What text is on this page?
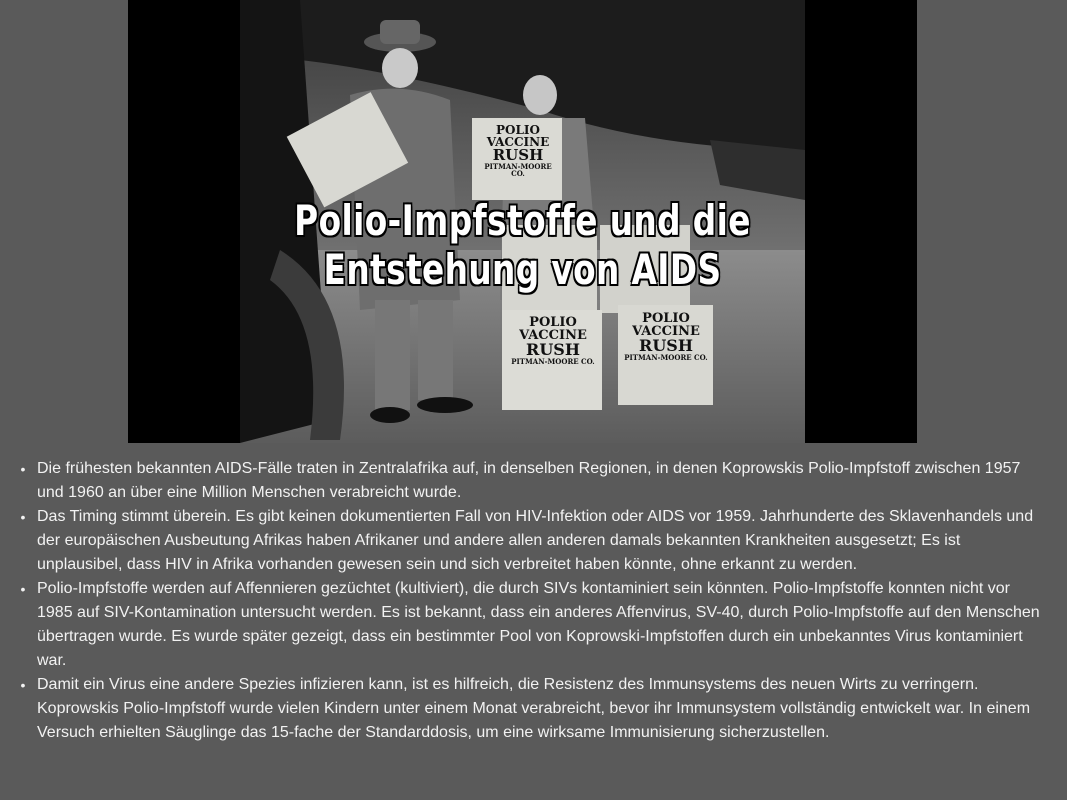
POLIO
VACCINE
RUSH
PITMAN-MOORE CO.
POLIO
VACCINE
RUSH
PITMAN-MOORE CO.
POLIO
VACCINE
RUSH
PITMAN-MOORE CO.
Polio-Impfstoffe und die Entstehung von AIDS
• Die frühesten bekannten AIDS-Fälle traten in Zentralafrika auf, in denselben Regionen, in denen Koprowskis Polio-Impfstoff zwischen 1957 und 1960 an über eine Million Menschen verabreicht wurde.
• Das Timing stimmt überein. Es gibt keinen dokumentierten Fall von HIV-Infektion oder AIDS vor 1959. Jahrhunderte des Sklavenhandels und der europäischen Ausbeutung Afrikas haben Afrikaner und andere allen anderen damals bekannten Krankheiten ausgesetzt; Es ist unplausibel, dass HIV in Afrika vorhanden gewesen sein und sich verbreitet haben könnte, ohne erkannt zu werden.
• Polio-Impfstoffe werden auf Affennieren gezüchtet (kultiviert), die durch SIVs kontaminiert sein könnten. Polio-Impfstoffe konnten nicht vor 1985 auf SIV-Kontamination untersucht werden. Es ist bekannt, dass ein anderes Affenvirus, SV-40, durch Polio-Impfstoffe auf den Menschen übertragen wurde. Es wurde später gezeigt, dass ein bestimmter Pool von Koprowski-Impfstoffen durch ein unbekanntes Virus kontaminiert war.
• Damit ein Virus eine andere Spezies infizieren kann, ist es hilfreich, die Resistenz des Immunsystems des neuen Wirts zu verringern. Koprowskis Polio-Impfstoff wurde vielen Kindern unter einem Monat verabreicht, bevor ihr Immunsystem vollständig entwickelt war. In einem Versuch erhielten Säuglinge das 15-fache der Standarddosis, um eine wirksame Immunisierung sicherzustellen.
